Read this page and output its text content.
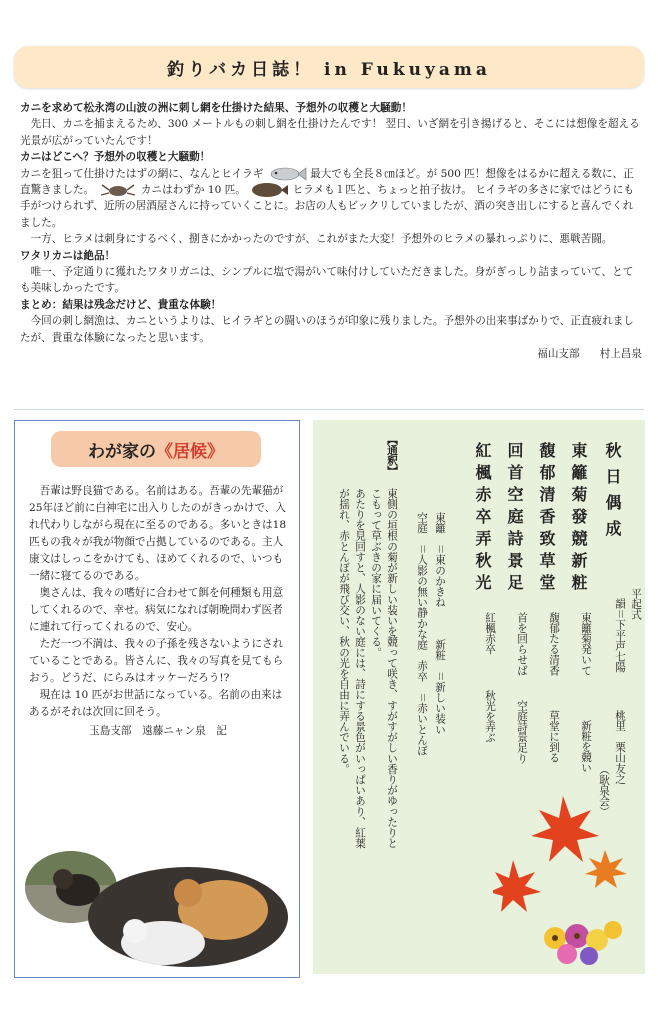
釣りバカ日誌！ in Fukuyama

カニを求めて松永湾の山波の洲に刺し網を仕掛けた結果、予想外の収穫と大騒動！

先日、カニを捕まえるため、300 メートルもの刺し網を仕掛けたんです！ 翌日、いざ網を引き揚げると、そこには想像を超える光景が広がっていたんです！

カニはどこへ？予想外の収穫と大騒動！

カニを狙って仕掛けたはずの網に、なんとヒイラギ	最大でも全長８㎝ほど。が 500 匹！想像をはるかに超える数に、正直驚きました。	カニはわずか 10 匹。	ヒラメも１匹と、ちょっと拍子抜け。 ヒイラギの多さに家ではどうにも手がつけられず、近所の居酒屋さんに持っていくことに。お店の人もビックリしていましたが、酒の突き出しにすると喜んでくれました。

一方、ヒラメは刺身にするべく、捌きにかかったのですが、これがまた大変！予想外のヒラメの暴れっぷりに、悪戦苦闘。

ワタリカニは絶品！

唯一、予定通りに獲れたワタリガニは、シンプルに塩で湯がいて味付けしていただきました。身がぎっしり詰まっていて、とても美味しかったです。

まとめ：結果は残念だけど、貴重な体験！

今回の刺し網漁は、カニというよりは、ヒイラギとの闘いのほうが印象に残りました。予想外の出来事ばかりで、正直疲れましたが、貴重な体験になったと思います。

福山支部 村上昌泉

わが家の 《居候》

吾輩は野良猫である。名前はある。吾輩の先輩猫が25年ほど前に白神宅に出入りしたのがきっかけで、入れ代わりしながら現在に至るのである。多いときは18匹もの我々が我が物顔で占拠しているのである。主人康文はしっこをかけても、ほめてくれるので、いつも一緒に寝てるのである。

奥さんは、我々の嗜好に合わせて餌を何種類も用意してくれるので、幸せ。病気になれば朝晩問わず医者に連れて行ってくれるので、安心。

ただ一つ不満は、我々の子孫を残さないようにされていることである。皆さんに、我々の写真を見てもらおう。どうだ、にらみはオッケーだろう!?

現在は 10 匹がお世話になっている。名前の由来はあるがそれは次回に回そう。

玉島支部　 遠藤ニャン泉　記

秋日偶成
東籬菊發競新粧
馥郁清香致草堂
回首空庭詩景足
紅楓赤卒弄秋光
平起式
韻＝下平声七陽
桃里　栗山友之
（耿泉会）
東籬菊発いて
新粧を競い
馥郁たる清香
草堂に到る
首を回らせば
空庭詩景足り
紅楓赤卒
秋光を弄ぶ
東籬　＝東のかきね　　　新粧　＝新しい装い
空庭　＝人影の無い静かな庭　赤卒　＝赤いとんぼ
【通釈】
東側の垣根の菊が新しい装いを競って咲き、すがすがしい香りがゆったりと
こもって草ぶきの家に届いてくる。
あたりを見回すと、人影のない庭には、詩にする景色がいっぱいあり、紅葉
が揺れ、赤とんぼが飛び交い、秋の光を自由に弄んでいる。
